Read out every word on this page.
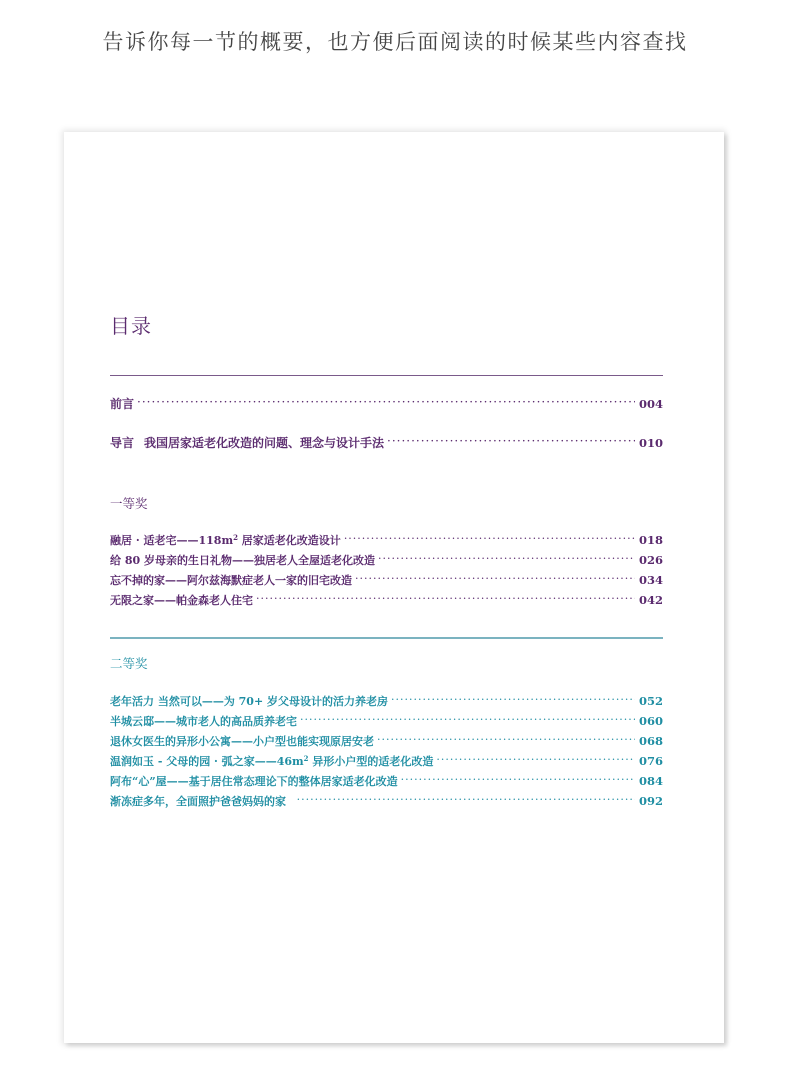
告诉你每一节的概要，也方便后面阅读的时候某些内容查找
目录
前言 ·····	004
导言 我国居家适老化改造的问题、理念与设计手法 ·····	010
一等奖
融居 · 适老宅$——118m^2$ 居家适老化改造设计 ·····	018
给 80 岁母亲的生日礼物——独居老人全屋适老化改造 ·····	026
忘不掉的家——阿尔兹海默症老人一家的旧宅改造 ·····	034
无限之家——帕金森老人住宅 ·····	042
二等奖
老年活力 当然可以——为 70+ 岁父母设计的活力养老房 ·····	052
半城云邸——城市老人的高品质养老宅 ·····	060
退休女医生的异形小公寓——小户型也能实现原居安老 ·····	068
温润如玉 - 父母的园 · 弧之家$——46m^2$ 异形小户型的适老化改造 ·····	076
阿布“心”屋——基于居住常态理论下的整体居家适老化改造 ·····	084
渐冻症多年，全面照护爸爸妈妈的家 ·····	092
